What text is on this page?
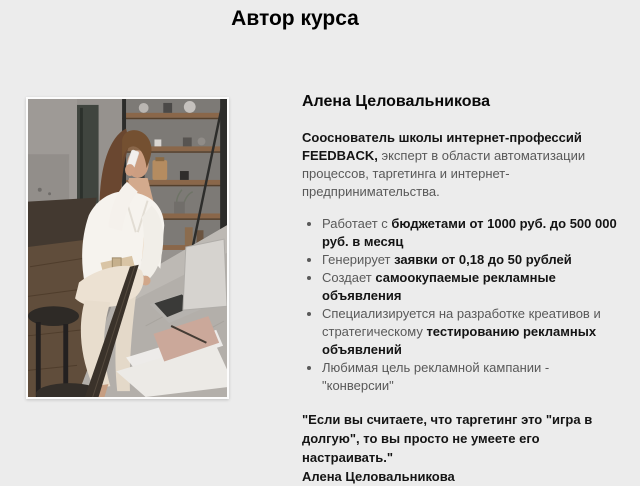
Автор курса
Алена Целовальникова

Сооснователь школы интернет-профессий FEEDBACK, эксперт в области автоматизации процессов, таргетинга и интернет-предпринимательства.

• Работает с бюджетами от 1000 руб. до 500 000 руб. в месяц
• Генерирует заявки от 0,18 до 50 рублей
• Создает самоокупаемые рекламные объявления
• Специализируется на разработке креативов и стратегическому тестированию рекламных объявлений
• Любимая цель рекламной кампании - "конверсии"

"Если вы считаете, что таргетинг это "игра в долгую", то вы просто не умеете его настраивать."

Алена Целовальникова
